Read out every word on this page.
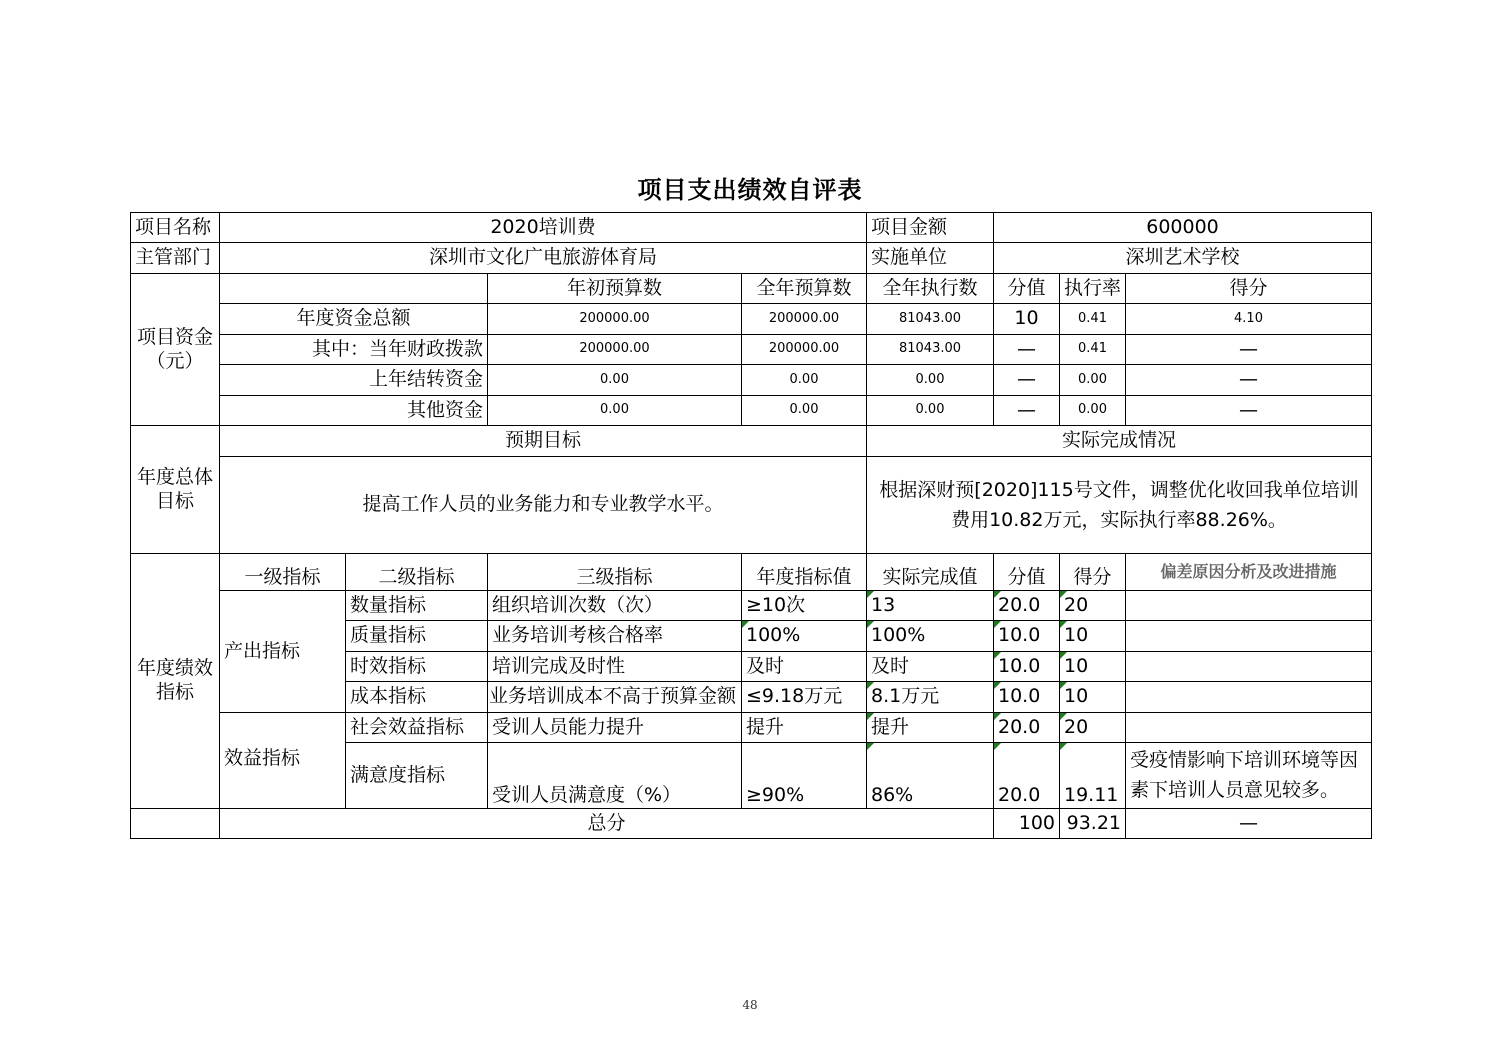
项目支出绩效自评表
项目名称	2020培训费				项目金额	600000		
主管部门	深圳市文化广电旅游体育局				实施单位	深圳艺术学校		
项目资金（元）			年初预算数	全年预算数	全年执行数	分值	执行率	得分
	年度资金总额		200000.00	200000.00	81043.00	10	0.41	4.10
	其中：当年财政拨款		200000.00	200000.00	81043.00	—	0.41	—
	上年结转资金		0.00	0.00	0.00	—	0.00	—
	其他资金		0.00	0.00	0.00	—	0.00	—
年度总体目标	预期目标				实际完成情况			
	提高工作人员的业务能力和专业教学水平。				根据深财预[2020]115号文件，调整优化收回我单位培训费用10.82万元，实际执行率88.26%。			
年度绩效指标	一级指标	二级指标	三级指标	年度指标值	实际完成值	分值	得分	偏差原因分析及改进措施
	产出指标	数量指标	组织培训次数（次）	≥10次	13	20.0	20	
		质量指标	业务培训考核合格率	100%	100%	10.0	10	
		时效指标	培训完成及时性	及时	及时	10.0	10	
		成本指标	业务培训成本不高于预算金额	≤9.18万元	8.1万元	10.0	10	
	效益指标	社会效益指标	受训人员能力提升	提升	提升	20.0	20	
		满意度指标	受训人员满意度（%）	≥90%	86%	20.0	19.11	受疫情影响下培训环境等因素下培训人员意见较多。
	总分					100	93.21	—
48
